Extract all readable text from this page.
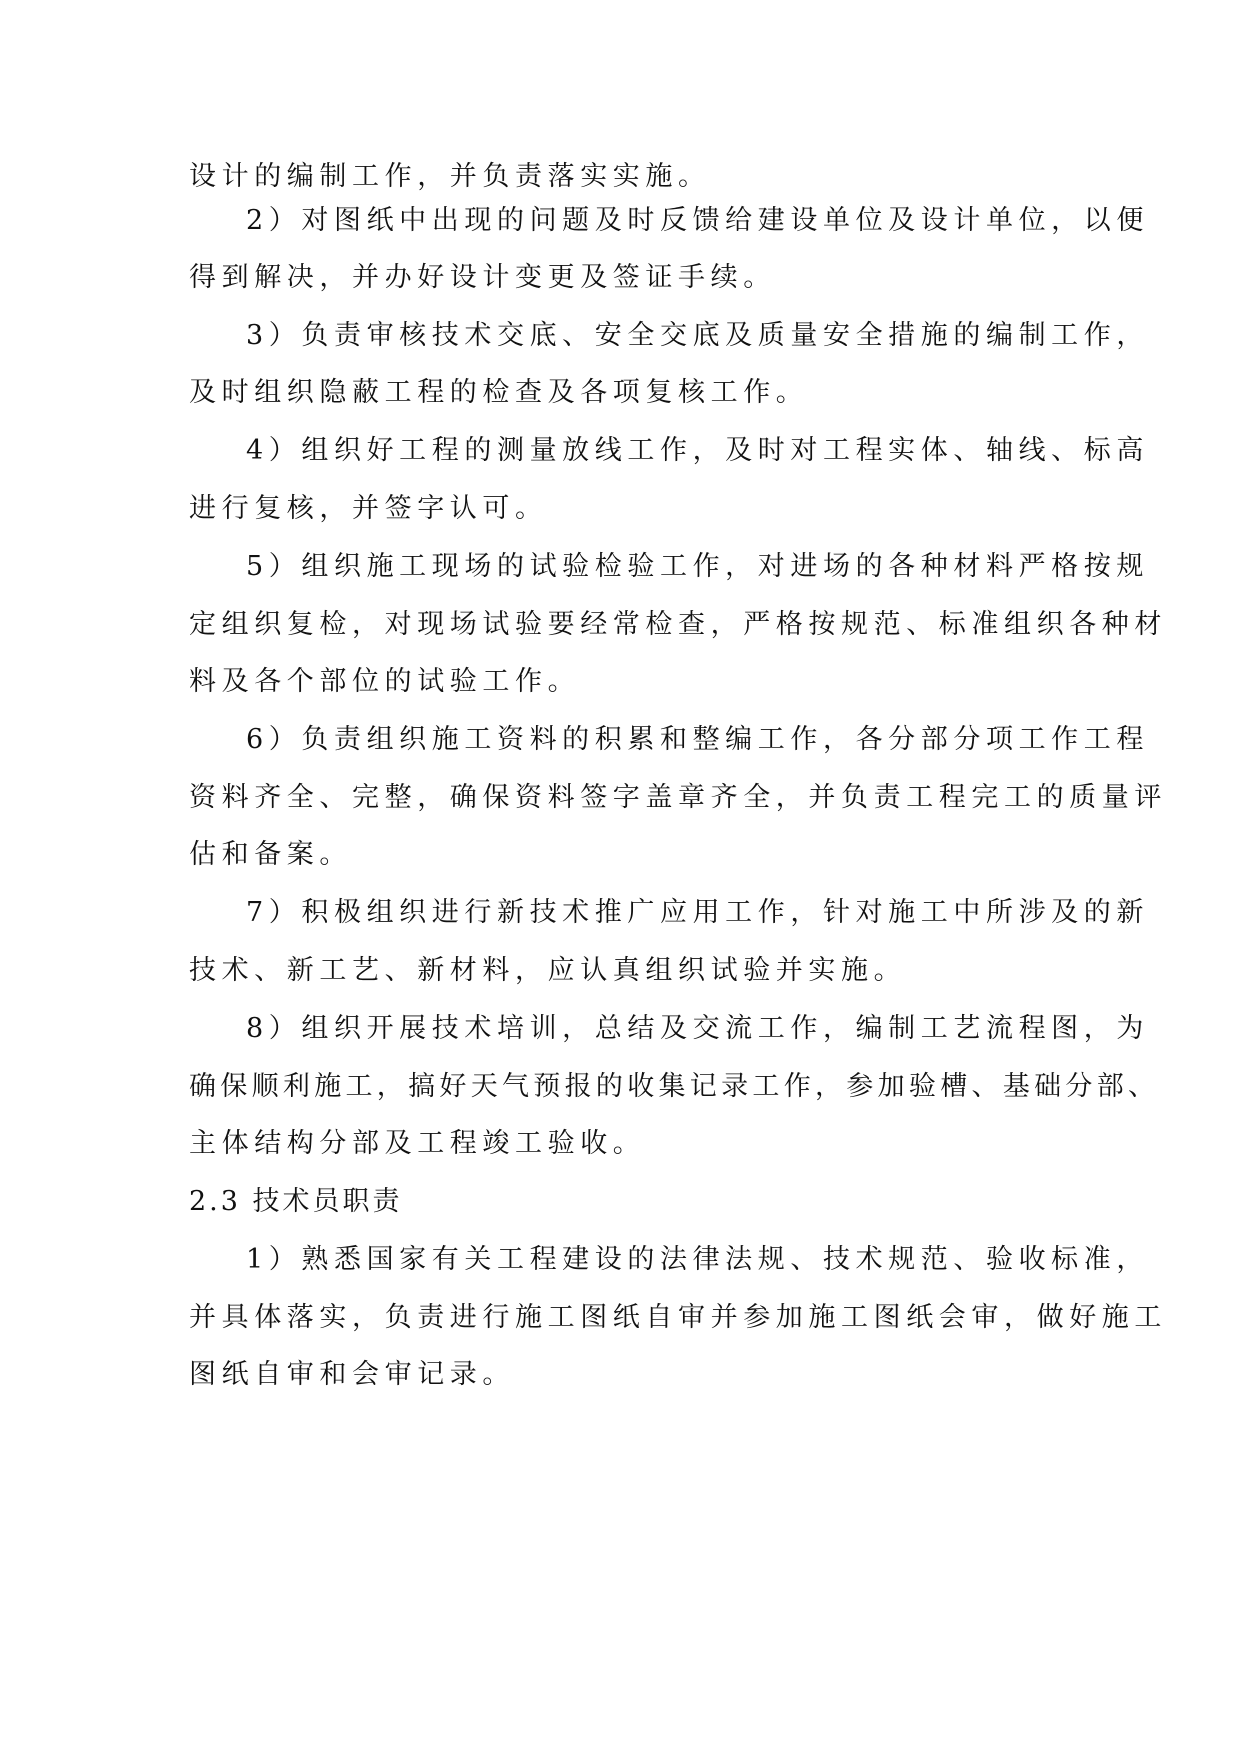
设计的编制工作，并负责落实实施。
2）对图纸中出现的问题及时反馈给建设单位及设计单位，以便
得到解决，并办好设计变更及签证手续。
3）负责审核技术交底、安全交底及质量安全措施的编制工作，
及时组织隐蔽工程的检查及各项复核工作。
4）组织好工程的测量放线工作，及时对工程实体、轴线、标高
进行复核，并签字认可。
5）组织施工现场的试验检验工作，对进场的各种材料严格按规
定组织复检，对现场试验要经常检查，严格按规范、标准组织各种材
料及各个部位的试验工作。
6）负责组织施工资料的积累和整编工作，各分部分项工作工程
资料齐全、完整，确保资料签字盖章齐全，并负责工程完工的质量评
估和备案。
7）积极组织进行新技术推广应用工作，针对施工中所涉及的新
技术、新工艺、新材料，应认真组织试验并实施。
8）组织开展技术培训，总结及交流工作，编制工艺流程图，为
确保顺利施工，搞好天气预报的收集记录工作，参加验槽、基础分部、
主体结构分部及工程竣工验收。
2.3 技术员职责
1）熟悉国家有关工程建设的法律法规、技术规范、验收标准，
并具体落实，负责进行施工图纸自审并参加施工图纸会审，做好施工
图纸自审和会审记录。
